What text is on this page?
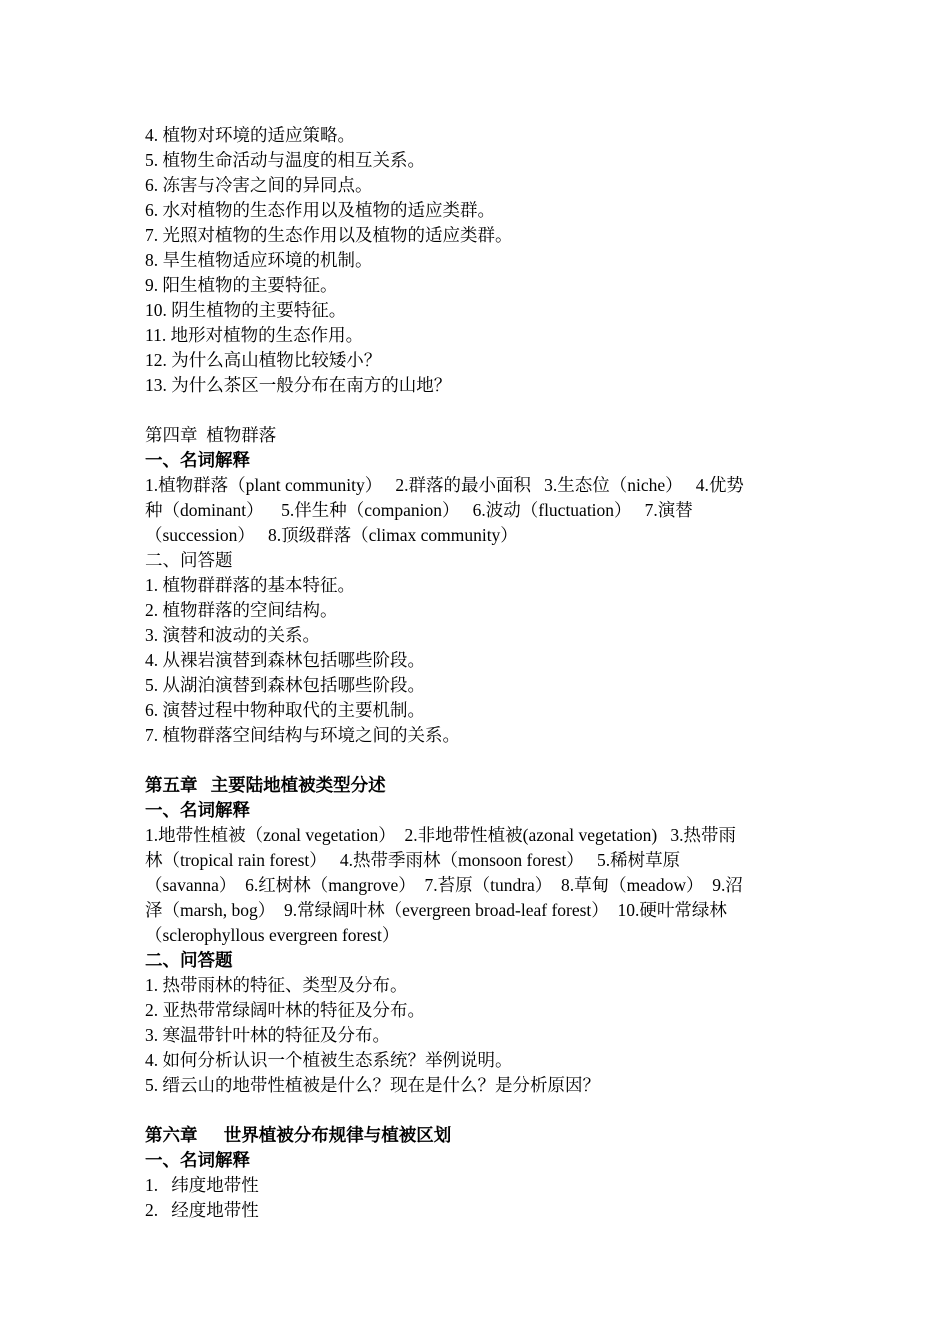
4. 植物对环境的适应策略。
5. 植物生命活动与温度的相互关系。
6. 冻害与冷害之间的异同点。
6. 水对植物的生态作用以及植物的适应类群。
7. 光照对植物的生态作用以及植物的适应类群。
8. 旱生植物适应环境的机制。
9. 阳生植物的主要特征。
10. 阴生植物的主要特征。
11. 地形对植物的生态作用。
12. 为什么高山植物比较矮小？
13. 为什么茶区一般分布在南方的山地？
第四章  植物群落
一、名词解释
1.植物群落（plant community）   2.群落的最小面积   3.生态位（niche）   4.优势
种（dominant）    5.伴生种（companion）   6.波动（fluctuation）   7.演替
（succession）   8.顶级群落（climax community）
二、问答题
1. 植物群群落的基本特征。
2. 植物群落的空间结构。
3. 演替和波动的关系。
4. 从裸岩演替到森林包括哪些阶段。
5. 从湖泊演替到森林包括哪些阶段。
6. 演替过程中物种取代的主要机制。
7. 植物群落空间结构与环境之间的关系。
第五章   主要陆地植被类型分述
一、名词解释
1.地带性植被（zonal vegetation）  2.非地带性植被(azonal vegetation)   3.热带雨
林（tropical rain forest）   4.热带季雨林（monsoon forest）   5.稀树草原
（savanna）  6.红树林（mangrove）  7.苔原（tundra）  8.草甸（meadow）  9.沼
泽（marsh, bog）  9.常绿阔叶林（evergreen broad-leaf forest）  10.硬叶常绿林
（sclerophyllous evergreen forest）
二、问答题
1. 热带雨林的特征、类型及分布。
2. 亚热带常绿阔叶林的特征及分布。
3. 寒温带针叶林的特征及分布。
4. 如何分析认识一个植被生态系统？举例说明。
5. 缙云山的地带性植被是什么？现在是什么？是分析原因？
第六章      世界植被分布规律与植被区划
一、名词解释
1.   纬度地带性
2.   经度地带性
